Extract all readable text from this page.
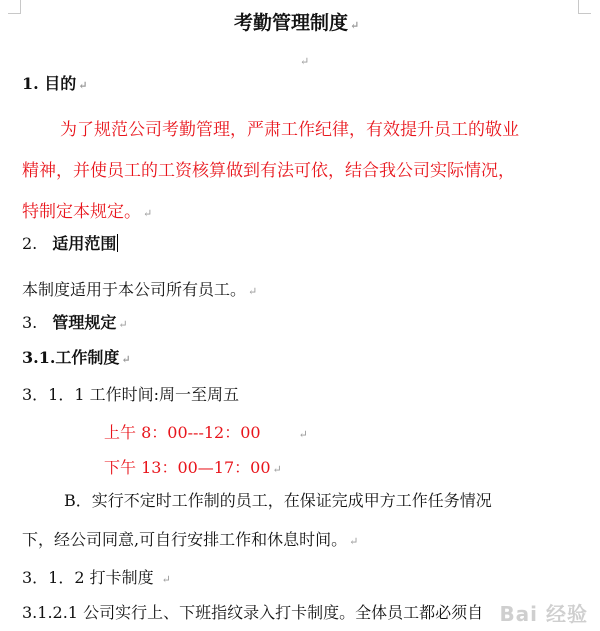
考勤管理制度 ↵
↵
1. 目的 ↵
为了规范公司考勤管理，严肃工作纪律，有效提升员工的敬业
精神，并使员工的工资核算做到有法可依，结合我公司实际情况，
特制定本规定。 ↵
2. 适用范围
本制度适用于本公司所有员工。 ↵
3. 管理规定 ↵
3.1.工作制度 ↵
3．1．1 工作时间:周一至周五
上午 8：00---12：00	↵
下午 13：00—17：00 ↵
B．实行不定时工作制的员工，在保证完成甲方工作任务情况
下，经公司同意,可自行安排工作和休息时间。 ↵
3．1．2 打卡制度 ↵
3.1.2.1 公司实行上、下班指纹录入打卡制度。全体员工都必须自 Bai 经验
